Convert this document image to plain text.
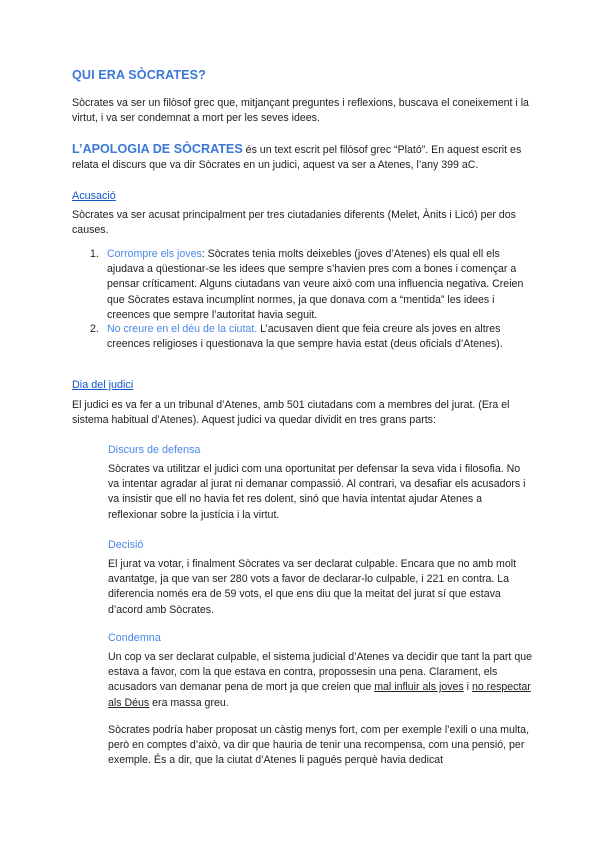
QUI ERA SÒCRATES?

Sòcrates va ser un filòsof grec que, mitjançant preguntes i reflexions, buscava el coneixement i la virtut, i va ser condemnat a mort per les seves idees.

L’APOLOGIA DE SÒCRATES és un text escrit pel filòsof grec “Plató”. En aquest escrit es relata el discurs que va dir Sòcrates en un judici, aquest va ser a Atenes, l’any 399 aC.

Acusació

Sòcrates va ser acusat principalment per tres ciutadanies diferents (Melet, Ànits i Licó) per dos causes.

1. Corrompre els joves: Sòcrates tenia molts deixebles (joves d’Atenes) els qual ell els ajudava a qüestionar-se les idees que sempre s’havien pres com a bones i començar a pensar críticament. Alguns ciutadans van veure això com una influencia negativa. Creien que Sòcrates estava incumplint normes, ja que donava com a “mentida” les idees i creences que sempre l’autoritat havia seguit.
2. No creure en el déu de la ciutat. L’acusaven dient que feia creure als joves en altres creences religioses i questionava la que sempre havia estat (deus oficials d’Atenes).

Dia del judici

El judici es va fer a un tribunal d’Atenes, amb 501 ciutadans com a membres del jurat. (Era el sistema habitual d’Atenes). Aquest judici va quedar dividit en tres grans parts:

Discurs de defensa

Sòcrates va utilitzar el judici com una oportunitat per defensar la seva vida i filosofia. No va intentar agradar al jurat ni demanar compassió. Al contrari, va desafiar els acusadors i va insistir que ell no havia fet res dolent, sinó que havia intentat ajudar Atenes a reflexionar sobre la justícia i la virtut.

Decisió

El jurat va votar, i finalment Sòcrates va ser declarat culpable. Encara que no amb molt avantatge, ja que van ser 280 vots a favor de declarar-lo culpable, i 221 en contra. La diferencia només era de 59 vots, el que ens diu que la meitat del jurat sí que estava d’acord amb Sòcrates.

Condemna

Un cop va ser declarat culpable, el sistema judicial d’Atenes va decidir que tant la part que estava a favor, com la que estava en contra, propossesin una pena. Clarament, els acusadors van demanar pena de mort ja que creien que mal influir als joves i no respectar als Déus era massa greu.

Sòcrates podría haber proposat un càstig menys fort, com per exemple l’exili o una multa, però en comptes d’això, va dir que hauria de tenir una recompensa, com una pensió, per exemple. És a dir, que la ciutat d’Atenes li pagués perquè havia dedicat
